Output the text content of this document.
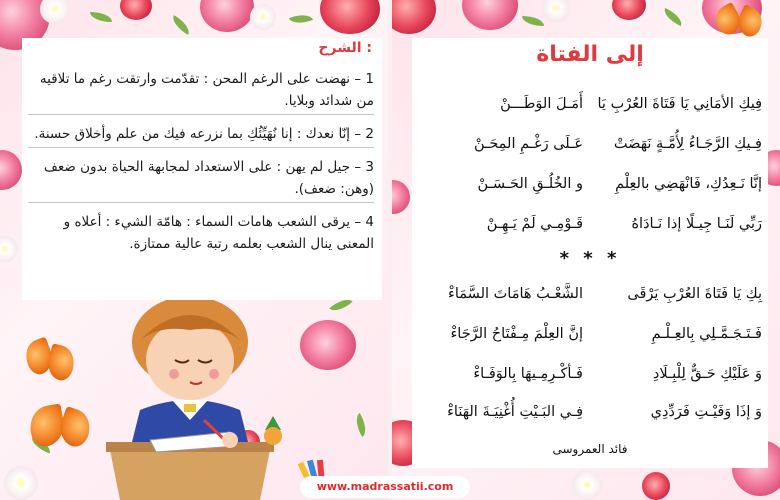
الشرح :
1 – نهضت على الرغم المحن : تقدّمت وارتقت رغم ما تلاقيه من شدائد وبلايا.
2 – إنّا نعدك : إنا نُهَيِّئُكِ بما نزرعه فيك من علم وأخلاق حسنة.
3 – جيل لم يهن : على الاستعداد لمجابهة الحياة بدون ضعف (وهن: ضعف).
4 – يرقى الشعب هامات السماء : هامّة الشيء : أعلاه و المعنى ينال الشعب بعلمه رتبة عالية ممتازة.
إلى الفتاة
فِيكِ الأمَانِي يَا فَتَاةَ العُرْبِ يَا
أَمَـلَ الوَطَـــنْ
فِـيكِ الرَّجَـاءُ لِأُمَّـةٍ نَهَضَتْ
عَـلَى رَغْـمِ المِحَـنْ
إنَّا نَـعِدُكِ، فَانْهَضِي بالعِلْمِ
و الخُلُـقِ الحَـسَـنْ
رَبِّي لَنَـا جِيـلًا إذا نَـادَاهُ
قَـوْمِـي لَمْ يَـهِـنْ
* * *
بِكِ يَا فَتَاةَ العُرْبِ يَرْقَى
الشَّعْـبُ هَامَاتَ السَّمَاءْ
فَـتَـجَـمَّـلِي بِالعِـلْـمِ
إنَّ العِلْمَ مِـفْتَاحُ الرَّجَاءْ
وَ عَلَيْكِ حَـقٌّ لِلْبِـلَادِ
فَـأكْـرِمِـيهَا بِالوَفَـاءْ
وَ إذَا وَفَيْـتِ فَرَدِّدِي
فِـي البَـيْتِ أُغْنِيَـةَ الهَنَاءْ
فائد العمروسى
www.madrassatii.com
